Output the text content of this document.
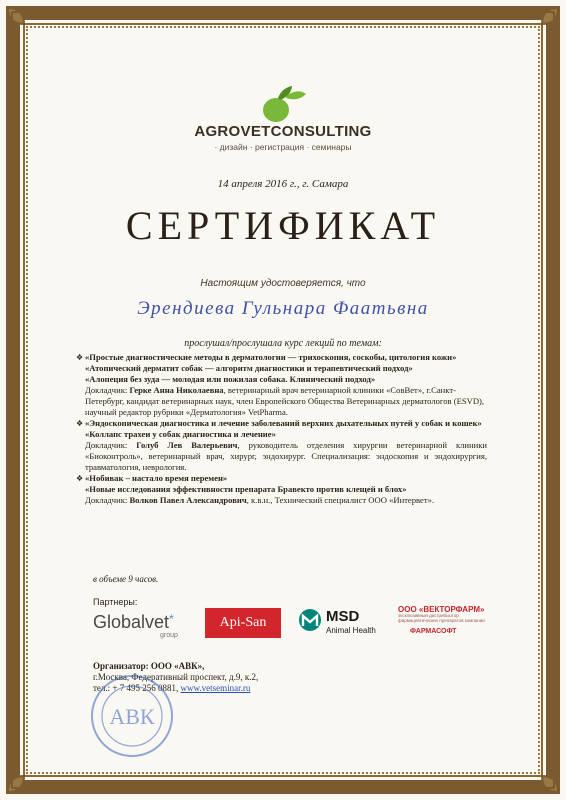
AGROVETCONSULTING
· дизайн · регистрация · семинары
14 апреля 2016 г., г. Самара
СЕРТИФИКАТ
Настоящим удостоверяется, что
Эрендиева Гульнара Фаатьвна
прослушал/прослушала курс лекций по темам:

❖ «Простые диагностические методы в дерматологии — трихоскопия, соскобы, цитология кожи»

«Атопический дерматит собак — алгоритм диагностики и терапевтический подход»

«Алопеция без зуда — молодая или пожилая собака. Клинический подход»

Докладчик: Герке Анна Николаевна, ветеринарный врач ветеринарной клиники «СовВет», г.Санкт-Петербург, кандидат ветеринарных наук, член Европейского Общества Ветеринарных дерматологов (ESVD), научный редактор рубрики «Дерматология» VetPharma.

❖ «Эндоскопическая диагностика и лечение заболеваний верхних дыхательных путей у собак и кошек»

«Коллапс трахеи у собак диагностика и лечение»

Докладчик: Голуб Лев Валерьевич, руководитель отделения хирургии ветеринарной клиники «Биоконтроль», ветеринарный врач, хирург, эндохирург. Специализация: эндоскопия и эндохирургия, травматология, неврология.

❖ «Нобивак – настало время перемен»

«Новые исследования эффективности препарата Бравекто против клещей и блох»

Докладчик: Волков Павел Александрович, к.в.н., Технический специалист ООО «Интервет».

в объеме 9 часов.
Партнеры:
Globalvet*
group
Api-San	MSD
Animal Health
ООО «ВЕКТОРФАРМ»
эксклюзивный дистрибьютор фармацевтических препаратов компании
ФАРМАСОФТ
Организатор: ООО «АВК»,
г.Москва, Федеративный проспект, д.9, к.2,
тел.: + 7 495 256 0881, www.vetseminar.ru
АВК
